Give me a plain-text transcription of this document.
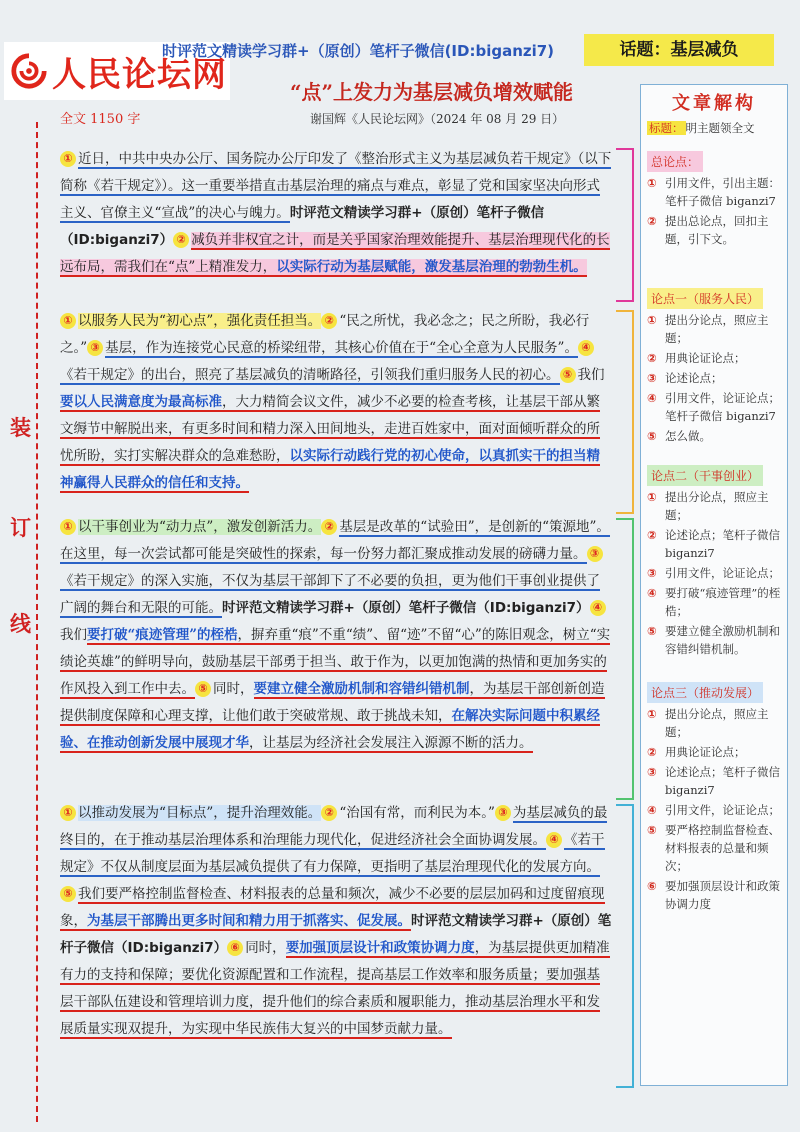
人民论坛网
时评范文精读学习群+（原创）笔杆子微信(ID:biganzi7)	话题：基层减负
“点”上发力为基层减负增效赋能
谢国辉《人民论坛网》（2024 年 08 月 29 日）
全文 1150 字
装
订
线

① 近日，中共中央办公厅、国务院办公厅印发了《整治形式主义为基层减负若干规定》（以下简称《若干规定》）。这一重要举措直击基层治理的痛点与难点，彰显了党和国家坚决向形式主义、官僚主义“宣战”的决心与魄力。时评范文精读学习群+（原创）笔杆子微信（ID:biganzi7） ② 减负并非权宜之计，而是关乎国家治理效能提升、基层治理现代化的长远布局，需我们在“点”上精准发力，以实际行动为基层赋能，激发基层治理的勃勃生机。

① 以服务人民为“初心点”，强化责任担当。 ② “民之所忧，我必念之；民之所盼，我必行之。” ③ 基层，作为连接党心民意的桥梁纽带，其核心价值在于“全心全意为人民服务”。 ④《若干规定》的出台，照亮了基层减负的清晰路径，引领我们重归服务人民的初心。 ⑤ 我们要以人民满意度为最高标准，大力精简会议文件，减少不必要的检查考核，让基层干部从繁文缛节中解脱出来，有更多时间和精力深入田间地头，走进百姓家中，面对面倾听群众的所忧所盼，实打实解决群众的急难愁盼，以实际行动践行党的初心使命，以真抓实干的担当精神赢得人民群众的信任和支持。

① 以干事创业为“动力点”，激发创新活力。 ② 基层是改革的“试验田”，是创新的“策源地”。在这里，每一次尝试都可能是突破性的探索，每一份努力都汇聚成推动发展的磅礴力量。 ③《若干规定》的深入实施，不仅为基层干部卸下了不必要的负担，更为他们干事创业提供了广阔的舞台和无限的可能。时评范文精读学习群+（原创）笔杆子微信（ID:biganzi7） ④我们要打破“痕迹管理”的桎梏，摒弃重“痕”不重“绩”、留“迹”不留“心”的陈旧观念，树立“实绩论英雄”的鲜明导向，鼓励基层干部勇于担当、敢于作为，以更加饱满的热情和更加务实的作风投入到工作中去。 ⑤ 同时，要建立健全激励机制和容错纠错机制，为基层干部创新创造提供制度保障和心理支撑，让他们敢于突破常规、敢于挑战未知，在解决实际问题中积累经验、在推动创新发展中展现才华，让基层为经济社会发展注入源源不断的活力。

① 以推动发展为“目标点”，提升治理效能。 ② “治国有常，而利民为本。” ③ 为基层减负的最终目的，在于推动基层治理体系和治理能力现代化，促进经济社会全面协调发展。 ④ 《若干规定》不仅从制度层面为基层减负提供了有力保障，更指明了基层治理现代化的发展方向。⑤ 我们要严格控制监督检查、材料报表的总量和频次，减少不必要的层层加码和过度留痕现象，为基层干部腾出更多时间和精力用于抓落实、促发展。时评范文精读学习群+（原创）笔杆子微信（ID:biganzi7） ⑥ 同时，要加强顶层设计和政策协调力度，为基层提供更加精准有力的支持和保障；要优化资源配置和工作流程，提高基层工作效率和服务质量；要加强基层干部队伍建设和管理培训力度，提升他们的综合素质和履职能力，推动基层治理水平和发展质量实现双提升，为实现中华民族伟大复兴的中国梦贡献力量。

文章解构
标题： 明主题领全文
总论点：
① 引用文件，引出主题：笔杆子微信 biganzi7
② 提出总论点，回扣主题，引下文。
论点一（服务人民）
① 提出分论点，照应主题；
② 用典论证论点；
③ 论述论点；
④ 引用文件，论证论点；笔杆子微信 biganzi7
⑤ 怎么做。
论点二（干事创业）
① 提出分论点，照应主题；
② 论述论点；笔杆子微信 biganzi7
③ 引用文件，论证论点；
④ 要打破“痕迹管理”的桎梏；
⑤ 要建立健全激励机制和容错纠错机制。
论点三（推动发展）
① 提出分论点，照应主题；
② 用典论证论点；
③ 论述论点；笔杆子微信 biganzi7
④ 引用文件，论证论点；
⑤ 要严格控制监督检查、材料报表的总量和频次；
⑥ 要加强顶层设计和政策协调力度
